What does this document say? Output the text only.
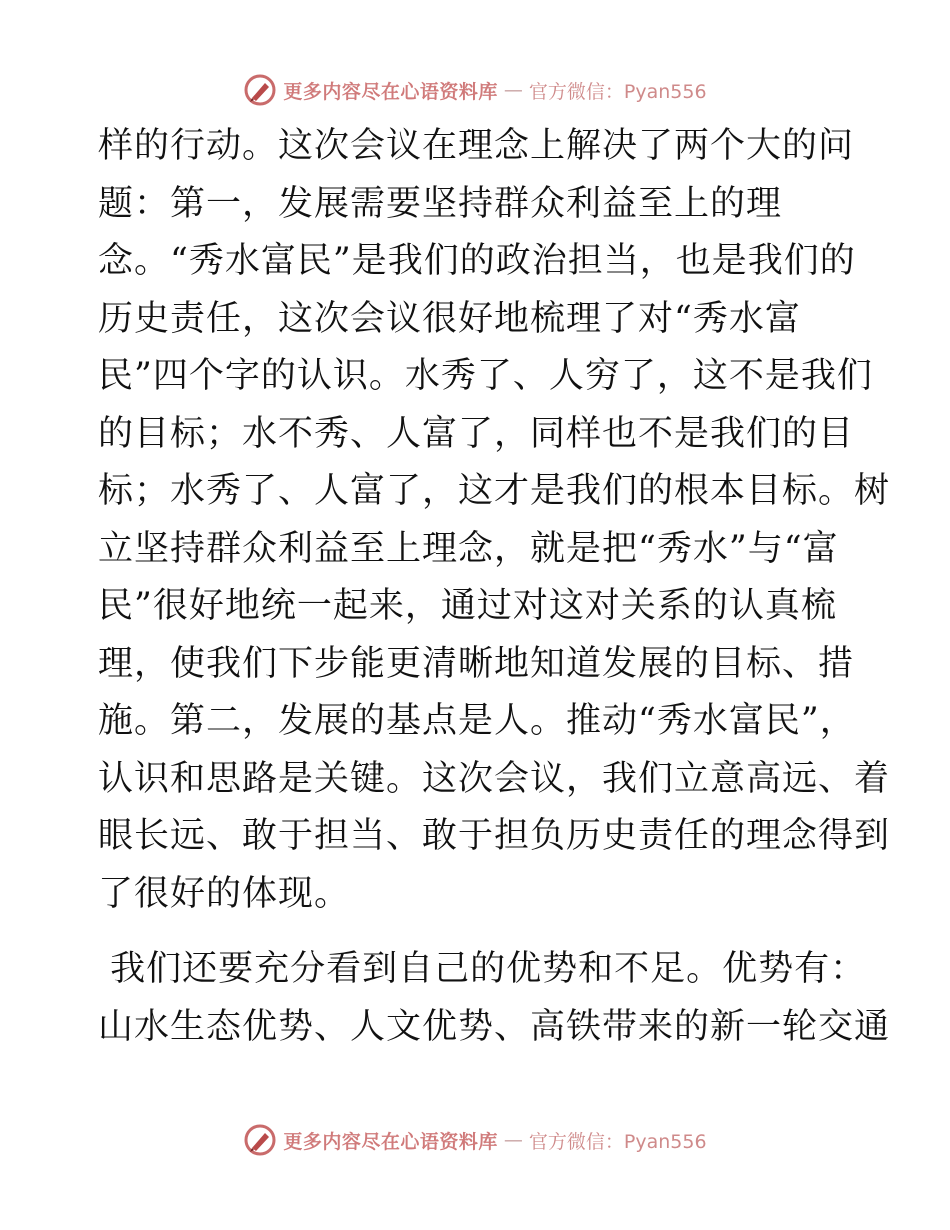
更多内容尽在心语资料库 — 官方微信：Pyan556
样的行动。这次会议在理念上解决了两个大的问
题：第一，发展需要坚持群众利益至上的理
念。“秀水富民”是我们的政治担当，也是我们的
历史责任，这次会议很好地梳理了对“秀水富
民”四个字的认识。水秀了、人穷了，这不是我们
的目标；水不秀、人富了，同样也不是我们的目
标；水秀了、人富了，这才是我们的根本目标。树
立坚持群众利益至上理念，就是把“秀水”与“富
民”很好地统一起来，通过对这对关系的认真梳
理，使我们下步能更清晰地知道发展的目标、措
施。第二，发展的基点是人。推动“秀水富民”，
认识和思路是关键。这次会议，我们立意高远、着
眼长远、敢于担当、敢于担负历史责任的理念得到
了很好的体现。
我们还要充分看到自己的优势和不足。优势有：
山水生态优势、人文优势、高铁带来的新一轮交通
更多内容尽在心语资料库 — 官方微信：Pyan556
